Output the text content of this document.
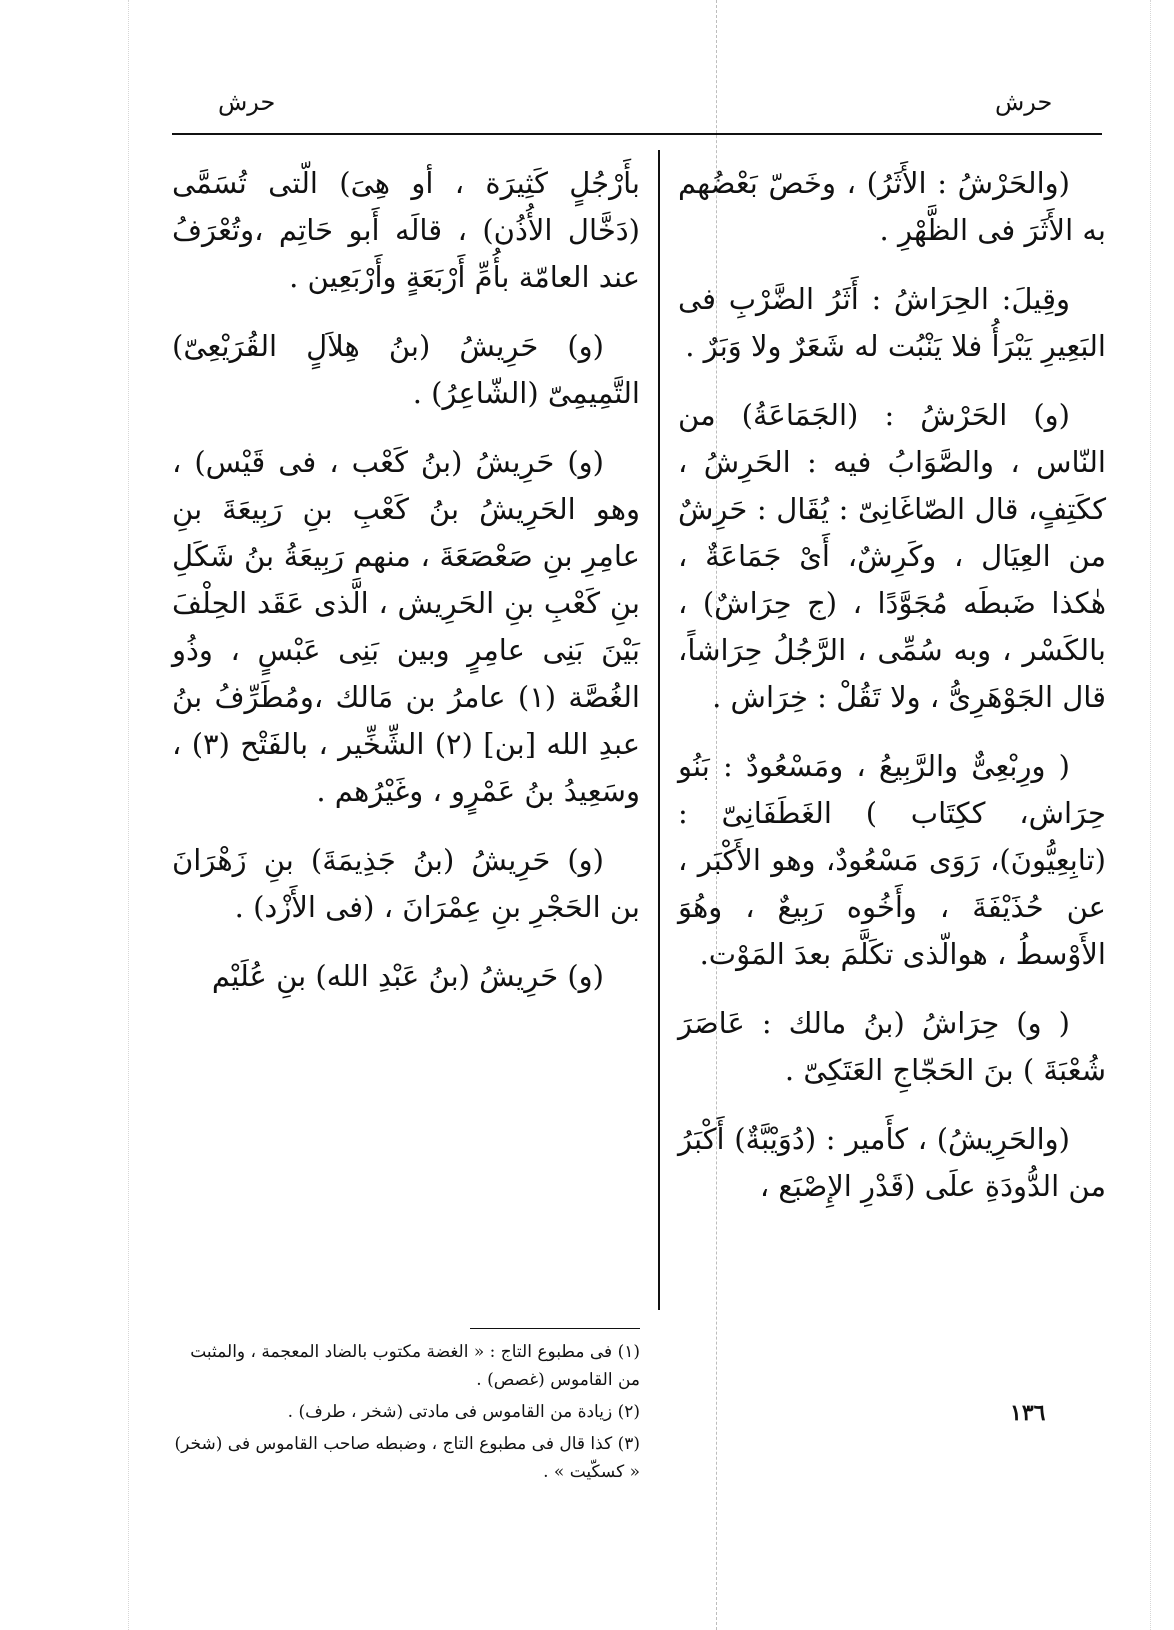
حرش
حرش

(والحَرْشُ : الأَثَرُ) ، وخَصّ بَعْضُهم به الأَثَرَ فى الظَّهْرِ .

وقِيلَ: الحِرَاشُ : أَثَرُ الضَّرْبِ فى البَعِيرِ يَبْرَأُ فلا يَنْبُت له شَعَرٌ ولا وَبَرٌ .

(و) الحَرْشُ : (الجَمَاعَةُ) من النّاس ، والصَّوَابُ فيه : الحَرِشُ ، ككَتِفٍ، قال الصّاغَانِىّ : يُقَال : حَرِشٌ من العِيَال ، وكَرِشٌ، أَىْ جَمَاعَةٌ ، هٰكذا ضَبطَه مُجَوَّدًا ، (ج حِرَاشٌ) ، بالكَسْر ، وبه سُمِّى ، الرَّجُلُ حِرَاشاً، قال الجَوْهَرِىُّ ، ولا تَقُلْ : خِرَاش .

( ورِبْعِىٌّ والرَّبِيعُ ، ومَسْعُودٌ : بَنُو حِرَاش، ككِتَاب ) الغَطَفَانِىّ : (تابِعِيُّونَ)، رَوَى مَسْعُودٌ، وهو الأَكْبَر ، عن حُذَيْفَةَ ، وأَخُوه رَبِيعٌ ، وهُوَ الأَوْسطُ ، هوالّذى تكَلَّمَ بعدَ المَوْت.

( و) حِرَاشُ (بنُ مالك : عَاصَرَ شُعْبَةَ ) بنَ الحَجّاجِ العَتَكِىّ .

(والحَرِيشُ) ، كأَمير : (دُوَيْبَّةٌ) أَكْبَرُ من الدُّودَةِ علَى (قَدْرِ الإِصْبَع ،

بأَرْجُلٍ كَثِيرَة ، أو هِىَ) الّتى تُسَمَّى (دَخَّال الأُذُن) ، قالَه أَبو حَاتِم ،وتُعْرَفُ عند العامّة بأُمِّ أَرْبَعَةٍ وأَرْبَعِين .

(و) حَرِيشُ (بنُ هِلاَلٍ القُرَيْعِىّ) التَّمِيمِىّ (الشّاعِرُ) .

(و) حَرِيشُ (بنُ كَعْب ، فى قَيْس) ، وهو الحَرِيشُ بنُ كَعْبِ بنِ رَبِيعَةَ بنِ عامِرِ بنِ صَعْصَعَةَ ، منهم رَبِيعَةُ بنُ شَكَلِ بنِ كَعْبِ بنِ الحَرِيش ، الَّذى عَقَد الحِلْفَ بَيْنَ بَنِى عامِرٍ وبين بَنِى عَبْسٍ ، وذُو الغُصَّة (١) عامرُ بن مَالك ،ومُطَرِّفُ بنُ عبدِ الله [بن] (٢) الشِّخِّير ، بالفَتْح (٣) ، وسَعِيدُ بنُ عَمْرٍو ، وغَيْرُهم .

(و) حَرِيشُ (بنُ جَذِيمَةَ) بنِ زَهْرَانَ بن الحَجْرِ بنِ عِمْرَانَ ، (فى الأَزْد) .

(و) حَرِيشُ (بنُ عَبْدِ الله) بنِ عُلَيْم

(١) فى مطبوع التاج : « الغضة مكتوب بالضاد المعجمة ، والمثبت من القاموس (غصص) .

(٢) زيادة من القاموس فى مادتى (شخر ، طرف) .

(٣) كذا قال فى مطبوع التاج ، وضبطه صاحب القاموس فى (شخر) « كسكّيت » .

١٣٦
